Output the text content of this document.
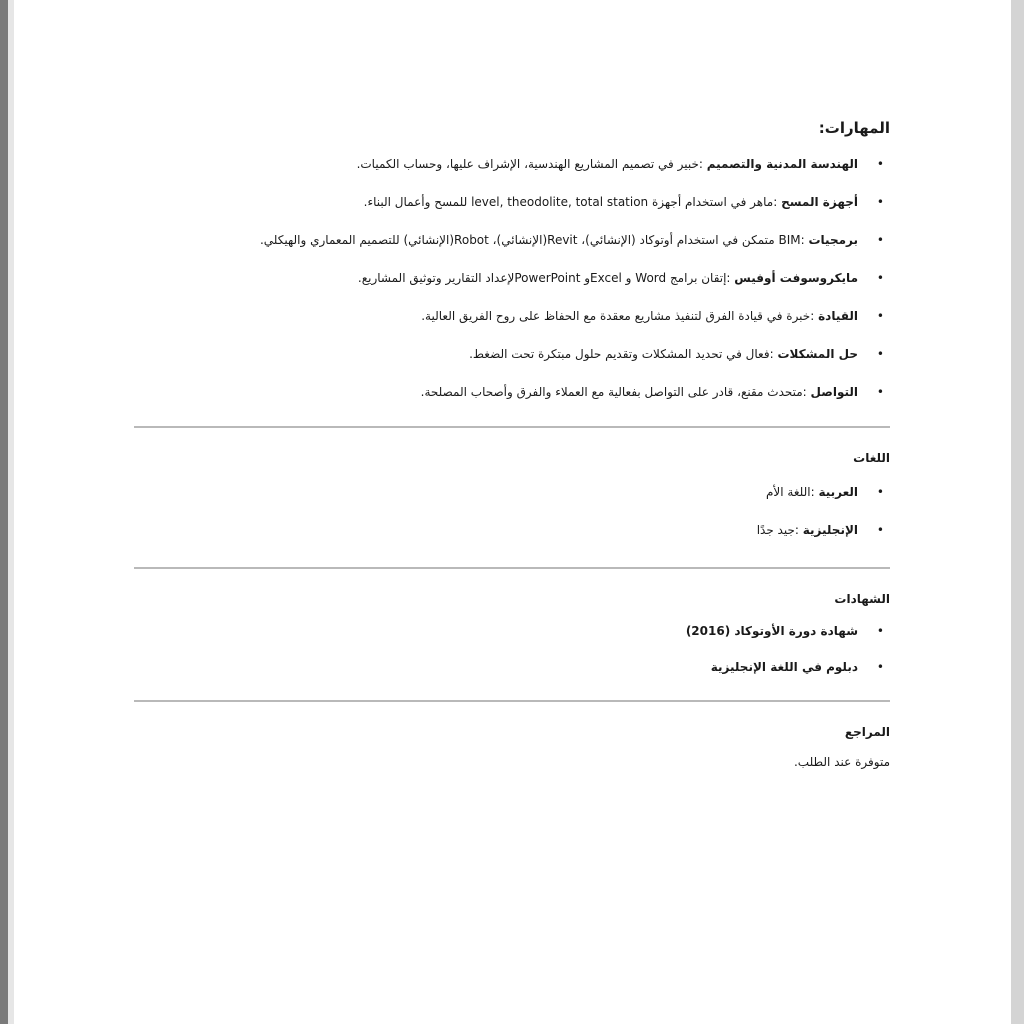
المهارات:

•
الهندسة المدنية والتصميم :خبير في تصميم المشاريع الهندسية، الإشراف عليها، وحساب الكميات.
•
أجهزة المسح :ماهر في استخدام أجهزة level, theodolite, total station للمسح وأعمال البناء.
•
برمجيات :BIM متمكن في استخدام أوتوكاد (الإنشائي)، Revit(الإنشائي)، Robot(الإنشائي) للتصميم المعماري والهيكلي.
•
مايكروسوفت أوفيس :إتقان برامج Word و Excelو PowerPointلإعداد التقارير وتوثيق المشاريع.
•
القيادة :خبرة في قيادة الفرق لتنفيذ مشاريع معقدة مع الحفاظ على روح الفريق العالية.
•
حل المشكلات :فعال في تحديد المشكلات وتقديم حلول مبتكرة تحت الضغط.
•
التواصل :متحدث مقنع، قادر على التواصل بفعالية مع العملاء والفرق وأصحاب المصلحة.

اللغات

•
العربية :اللغة الأم
•
الإنجليزية :جيد جدًا

الشهادات

•
شهادة دورة الأوتوكاد (2016)
•
دبلوم في اللغة الإنجليزية

المراجع

متوفرة عند الطلب.
